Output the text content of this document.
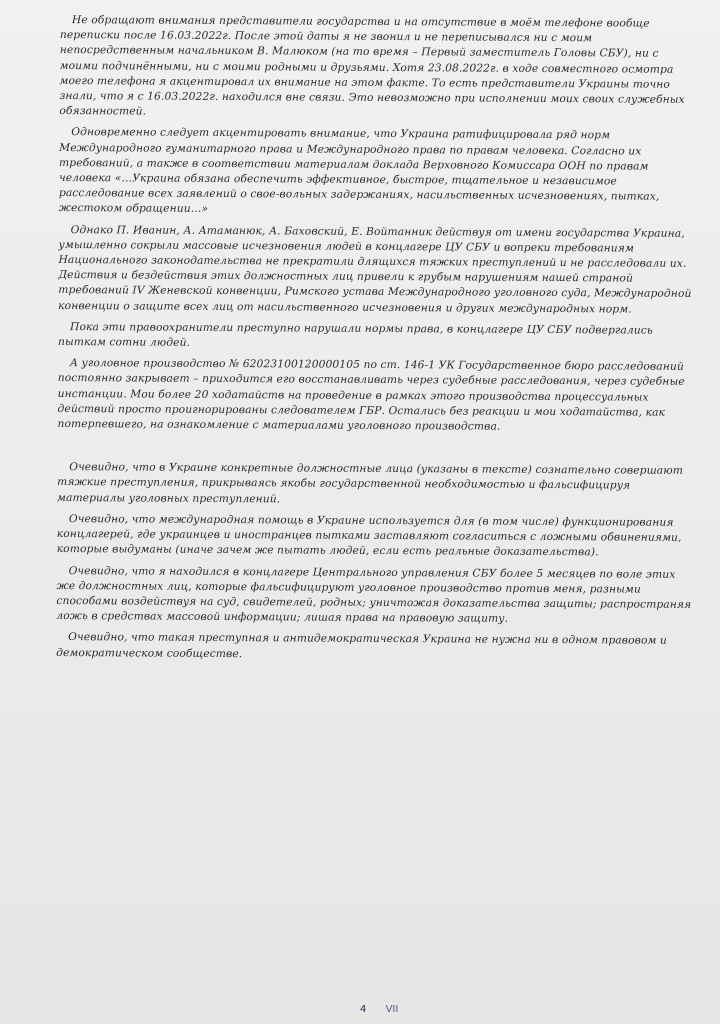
Не обращают внимания представители государства и на отсутствие в моём телефоне вообще переписки после 16.03.2022г. После этой даты я не звонил и не переписывался ни с моим непосредственным начальником В. Малюком (на то время – Первый заместитель Головы СБУ), ни с моими подчинёнными, ни с моими родными и друзьями. Хотя 23.08.2022г. в ходе совместного осмотра моего телефона я акцентировал их внимание на этом факте. То есть представители Украины точно знали, что я с 16.03.2022г. находился вне связи. Это невозможно при исполнении моих своих служебных обязанностей.

Одновременно следует акцентировать внимание, что Украина ратифицировала ряд норм Международного гуманитарного права и Международного права по правам человека. Согласно их требований, а также в соответствии материалам доклада Верховного Комиссара ООН по правам человека «…Украина обязана обеспечить эффективное, быстрое, тщательное и независимое расследование всех заявлений о свое-вольных задержаниях, насильственных исчезновениях, пытках, жестоком обращении…»

Однако П. Иванин, А. Атаманюк, А. Баховский, Е. Войтанник действуя от имени государства Украина, умышленно сокрыли массовые исчезновения людей в концлагере ЦУ СБУ и вопреки требованиям Национального законодательства не прекратили длящихся тяжких преступлений и не расследовали их. Действия и бездействия этих должностных лиц привели к грубым нарушениям нашей страной требований IV Женевской конвенции, Римского устава Международного уголовного суда, Международной конвенции о защите всех лиц от насильственного исчезновения и других международных норм.

Пока эти правоохранители преступно нарушали нормы права, в концлагере ЦУ СБУ подвергались пыткам сотни людей.

А уголовное производство № 62023100120000105 по ст. 146-1 УК Государственное бюро расследований постоянно закрывает – приходится его восстанавливать через судебные расследования, через судебные инстанции. Мои более 20 ходатайств на проведение в рамках этого производства процессуальных действий просто проигнорированы следователем ГБР. Остались без реакции и мои ходатайства, как потерпевшего, на ознакомление с материалами уголовного производства.

Очевидно, что в Украине конкретные должностные лица (указаны в тексте) сознательно совершают тяжкие преступления, прикрываясь якобы государственной необходимостью и фальсифицируя материалы уголовных преступлений.

Очевидно, что международная помощь в Украине используется для (в том числе) функционирования концлагерей, где украинцев и иностранцев пытками заставляют согласиться с ложными обвинениями, которые выдуманы (иначе зачем же пытать людей, если есть реальные доказательства).

Очевидно, что я находился в концлагере Центрального управления СБУ более 5 месяцев по воле этих же должностных лиц, которые фальсифицируют уголовное производство против меня, разными способами воздействуя на суд, свидетелей, родных; уничтожая доказательства защиты; распространяя ложь в средствах массовой информации; лишая права на правовую защиту.

Очевидно, что такая преступная и антидемократическая Украина не нужна ни в одном правовом и демократическом сообществе.

4 VII
